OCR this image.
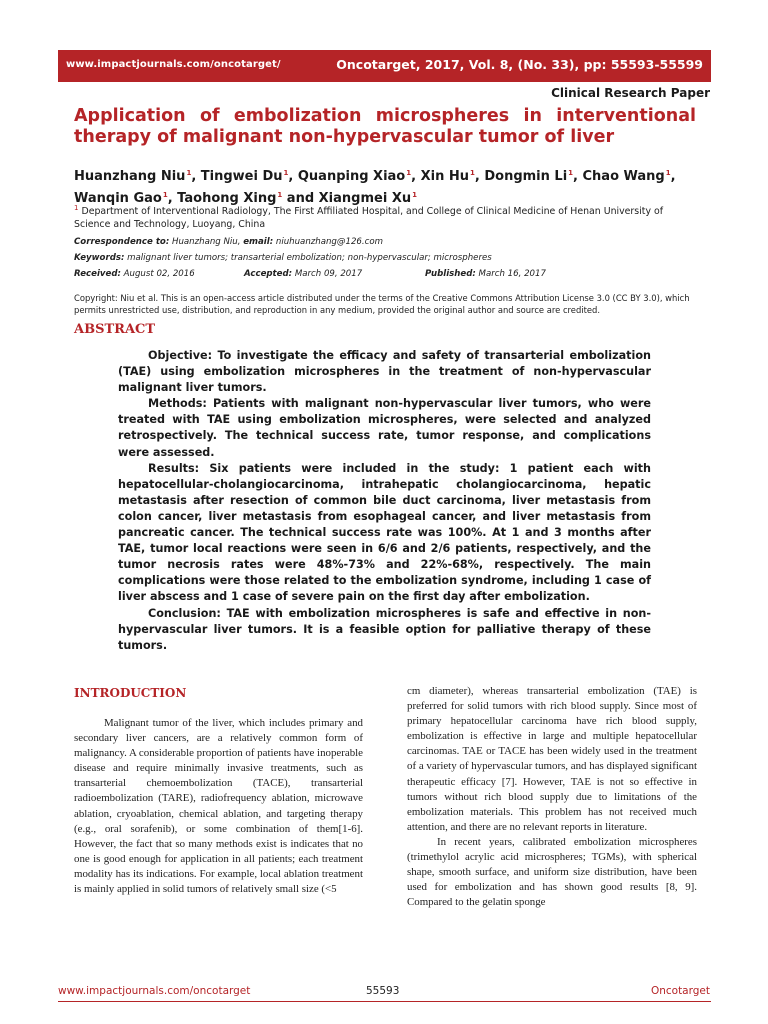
www.impactjournals.com/oncotarget/	Oncotarget, 2017, Vol. 8, (No. 33), pp: 55593-55599
Clinical Research Paper
Application of embolization microspheres in interventional therapy of malignant non-hypervascular tumor of liver
Huanzhang Niu$^1$, Tingwei Du$^1$, Quanping Xiao$^1$, Xin Hu$^1$, Dongmin Li$^1$, Chao Wang$^1$, Wanqin Gao$^1$, Taohong Xing$^1$ and Xiangmei Xu$^1$
$^1$ Department of Interventional Radiology, The First Affiliated Hospital, and College of Clinical Medicine of Henan University of Science and Technology, Luoyang, China
Correspondence to: Huanzhang Niu, email: niuhuanzhang@126.com
Keywords: malignant liver tumors; transarterial embolization; non-hypervascular; microspheres
Received: August 02, 2016	Accepted: March 09, 2017	Published: March 16, 2017
Copyright: Niu et al. This is an open-access article distributed under the terms of the Creative Commons Attribution License 3.0 (CC BY 3.0), which permits unrestricted use, distribution, and reproduction in any medium, provided the original author and source are credited.
ABSTRACT

Objective: To investigate the efficacy and safety of transarterial embolization (TAE) using embolization microspheres in the treatment of non-hypervascular malignant liver tumors.

Methods: Patients with malignant non-hypervascular liver tumors, who were treated with TAE using embolization microspheres, were selected and analyzed retrospectively. The technical success rate, tumor response, and complications were assessed.

Results: Six patients were included in the study: 1 patient each with hepatocellular-cholangiocarcinoma, intrahepatic cholangiocarcinoma, hepatic metastasis after resection of common bile duct carcinoma, liver metastasis from colon cancer, liver metastasis from esophageal cancer, and liver metastasis from pancreatic cancer. The technical success rate was 100%. At 1 and 3 months after TAE, tumor local reactions were seen in 6/6 and 2/6 patients, respectively, and the tumor necrosis rates were 48%-73% and 22%-68%, respectively. The main complications were those related to the embolization syndrome, including 1 case of liver abscess and 1 case of severe pain on the first day after embolization.

Conclusion: TAE with embolization microspheres is safe and effective in non-hypervascular liver tumors. It is a feasible option for palliative therapy of these tumors.

INTRODUCTION

Malignant tumor of the liver, which includes primary and secondary liver cancers, are a relatively common form of malignancy. A considerable proportion of patients have inoperable disease and require minimally invasive treatments, such as transarterial chemoembolization (TACE), transarterial radioembolization (TARE), radiofrequency ablation, microwave ablation, cryoablation, chemical ablation, and targeting therapy (e.g., oral sorafenib), or some combination of them[1-6]. However, the fact that so many methods exist is indicates that no one is good enough for application in all patients; each treatment modality has its indications. For example, local ablation treatment is mainly applied in solid tumors of relatively small size (<5

cm diameter), whereas transarterial embolization (TAE) is preferred for solid tumors with rich blood supply. Since most of primary hepatocellular carcinoma have rich blood supply, embolization is effective in large and multiple hepatocellular carcinomas. TAE or TACE has been widely used in the treatment of a variety of hypervascular tumors, and has displayed significant therapeutic efficacy [7]. However, TAE is not so effective in tumors without rich blood supply due to limitations of the embolization materials. This problem has not received much attention, and there are no relevant reports in literature.

In recent years, calibrated embolization microspheres (trimethylol acrylic acid microspheres; TGMs), with spherical shape, smooth surface, and uniform size distribution, have been used for embolization and has shown good results [8, 9]. Compared to the gelatin sponge

www.impactjournals.com/oncotarget	55593	Oncotarget
